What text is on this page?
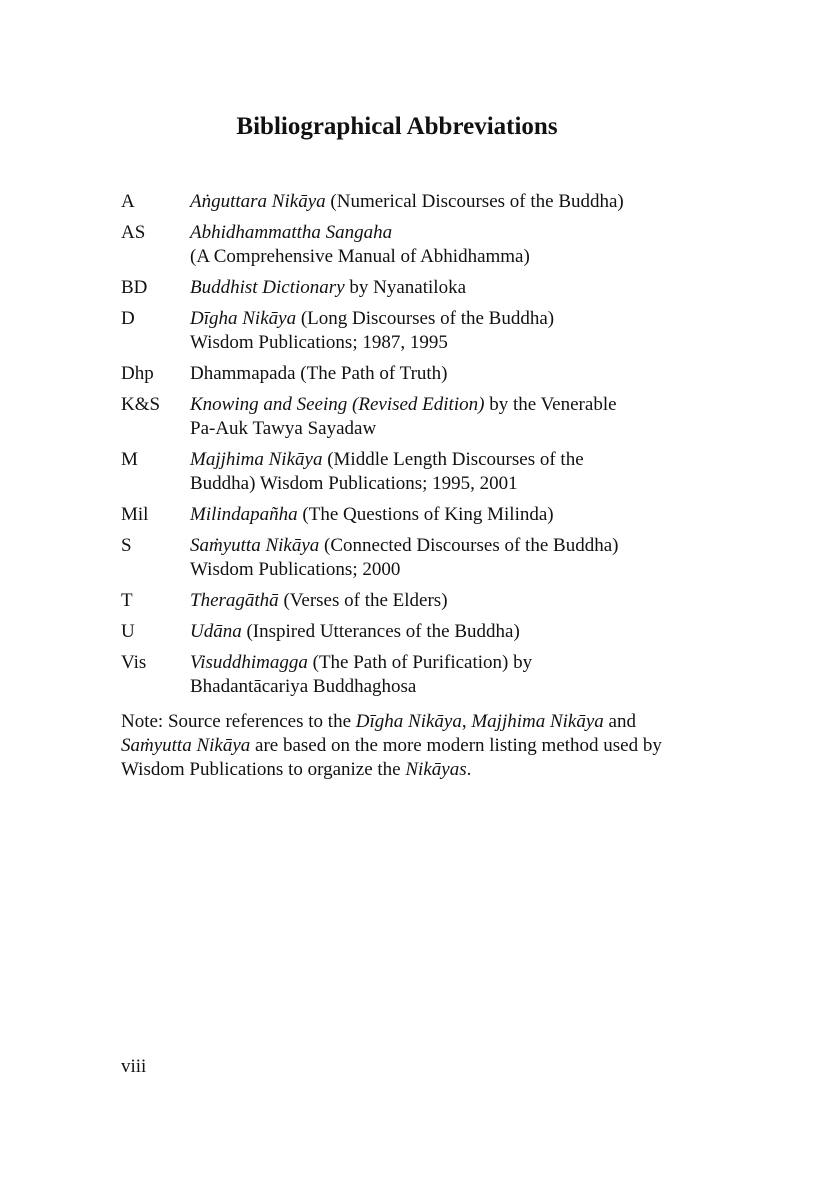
Bibliographical Abbreviations
A	Aṅguttara Nikāya (Numerical Discourses of the Buddha)
AS	Abhidhammattha Sangaha
(A Comprehensive Manual of Abhidhamma)
BD	Buddhist Dictionary by Nyanatiloka
D	Dīgha Nikāya (Long Discourses of the Buddha)
Wisdom Publications; 1987, 1995
Dhp	Dhammapada (The Path of Truth)
K&S	Knowing and Seeing (Revised Edition) by the Venerable
Pa-Auk Tawya Sayadaw
M	Majjhima Nikāya (Middle Length Discourses of the
Buddha) Wisdom Publications; 1995, 2001
Mil	Milindapañha (The Questions of King Milinda)
S	Saṁyutta Nikāya (Connected Discourses of the Buddha)
Wisdom Publications; 2000
T	Theragāthā (Verses of the Elders)
U	Udāna (Inspired Utterances of the Buddha)
Vis	Visuddhimagga (The Path of Purification) by
Bhadantācariya Buddhaghosa

Note: Source references to the Dīgha Nikāya, Majjhima Nikāya and Saṁyutta Nikāya are based on the more modern listing method used by Wisdom Publications to organize the Nikāyas.

viii
